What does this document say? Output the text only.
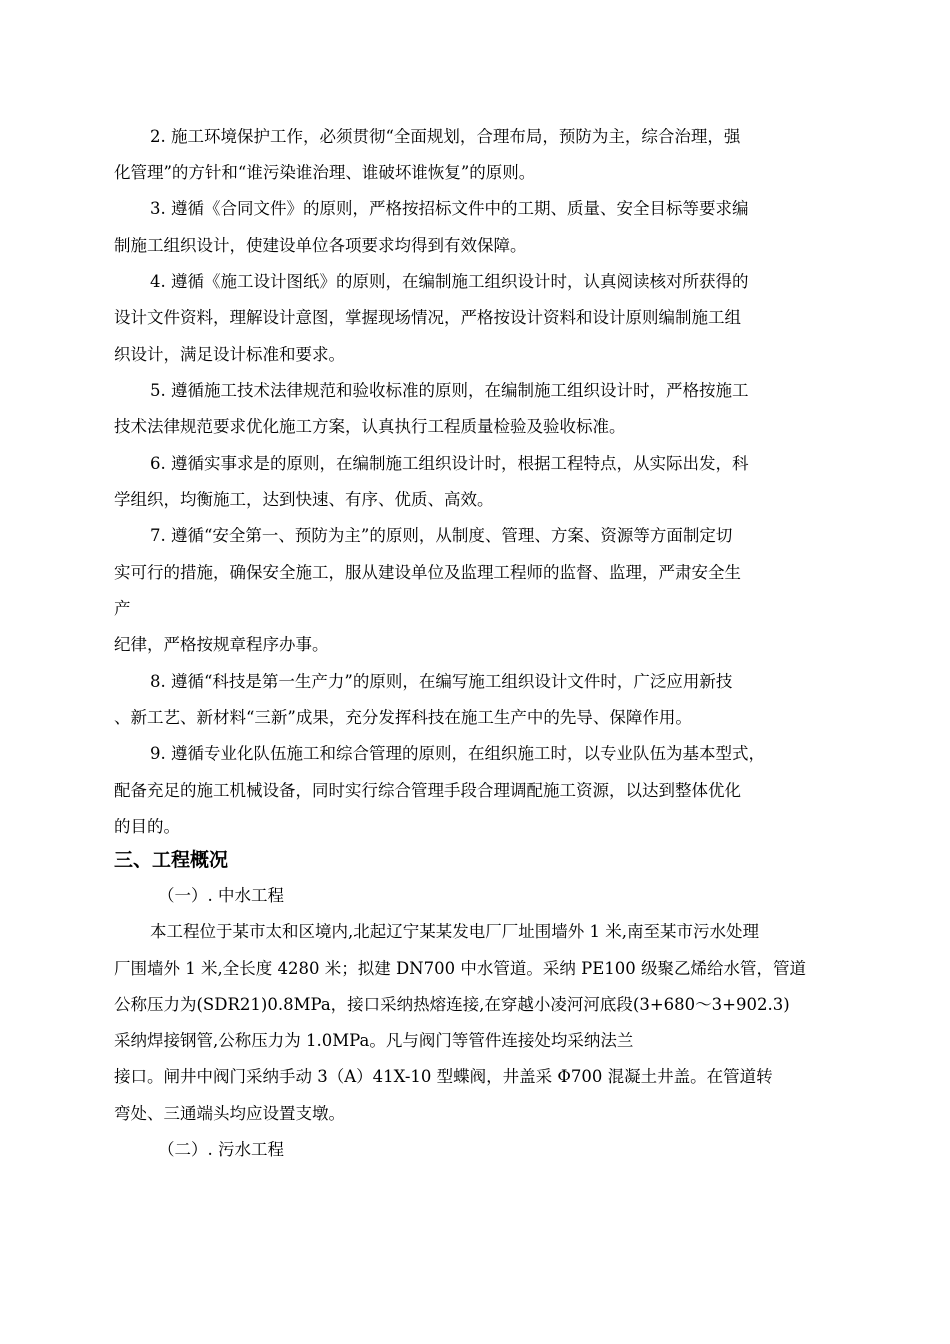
2. 施工环境保护工作，必须贯彻“全面规划，合理布局，预防为主，综合治理，强
化管理”的方针和“谁污染谁治理、谁破坏谁恢复”的原则。
3. 遵循《合同文件》的原则，严格按招标文件中的工期、质量、安全目标等要求编
制施工组织设计，使建设单位各项要求均得到有效保障。
4. 遵循《施工设计图纸》的原则，在编制施工组织设计时，认真阅读核对所获得的
设计文件资料，理解设计意图，掌握现场情况，严格按设计资料和设计原则编制施工组
织设计，满足设计标准和要求。
5. 遵循施工技术法律规范和验收标准的原则，在编制施工组织设计时，严格按施工
技术法律规范要求优化施工方案，认真执行工程质量检验及验收标准。
6. 遵循实事求是的原则，在编制施工组织设计时，根据工程特点，从实际出发，科
学组织，均衡施工，达到快速、有序、优质、高效。
7. 遵循“安全第一、预防为主”的原则，从制度、管理、方案、资源等方面制定切
实可行的措施，确保安全施工，服从建设单位及监理工程师的监督、监理，严肃安全生
产
纪律，严格按规章程序办事。
8. 遵循“科技是第一生产力”的原则，在编写施工组织设计文件时，广泛应用新技
、新工艺、新材料“三新”成果，充分发挥科技在施工生产中的先导、保障作用。
9. 遵循专业化队伍施工和综合管理的原则，在组织施工时，以专业队伍为基本型式，
配备充足的施工机械设备，同时实行综合管理手段合理调配施工资源，以达到整体优化
的目的。
三、工程概况
（一）. 中水工程
本工程位于某市太和区境内,北起辽宁某某发电厂厂址围墙外 1 米,南至某市污水处理
厂围墙外 1 米,全长度 4280 米；拟建 DN700 中水管道。采纳 PE100 级聚乙烯给水管，管道
公称压力为(SDR21)0.8MPa，接口采纳热熔连接,在穿越小凌河河底段(3+680～3+902.3)
采纳焊接钢管,公称压力为 1.0MPa。凡与阀门等管件连接处均采纳法兰
接口。闸井中阀门采纳手动 3（A）41X-10 型蝶阀，井盖采 Φ700 混凝土井盖。在管道转
弯处、三通端头均应设置支墩。
（二）. 污水工程
